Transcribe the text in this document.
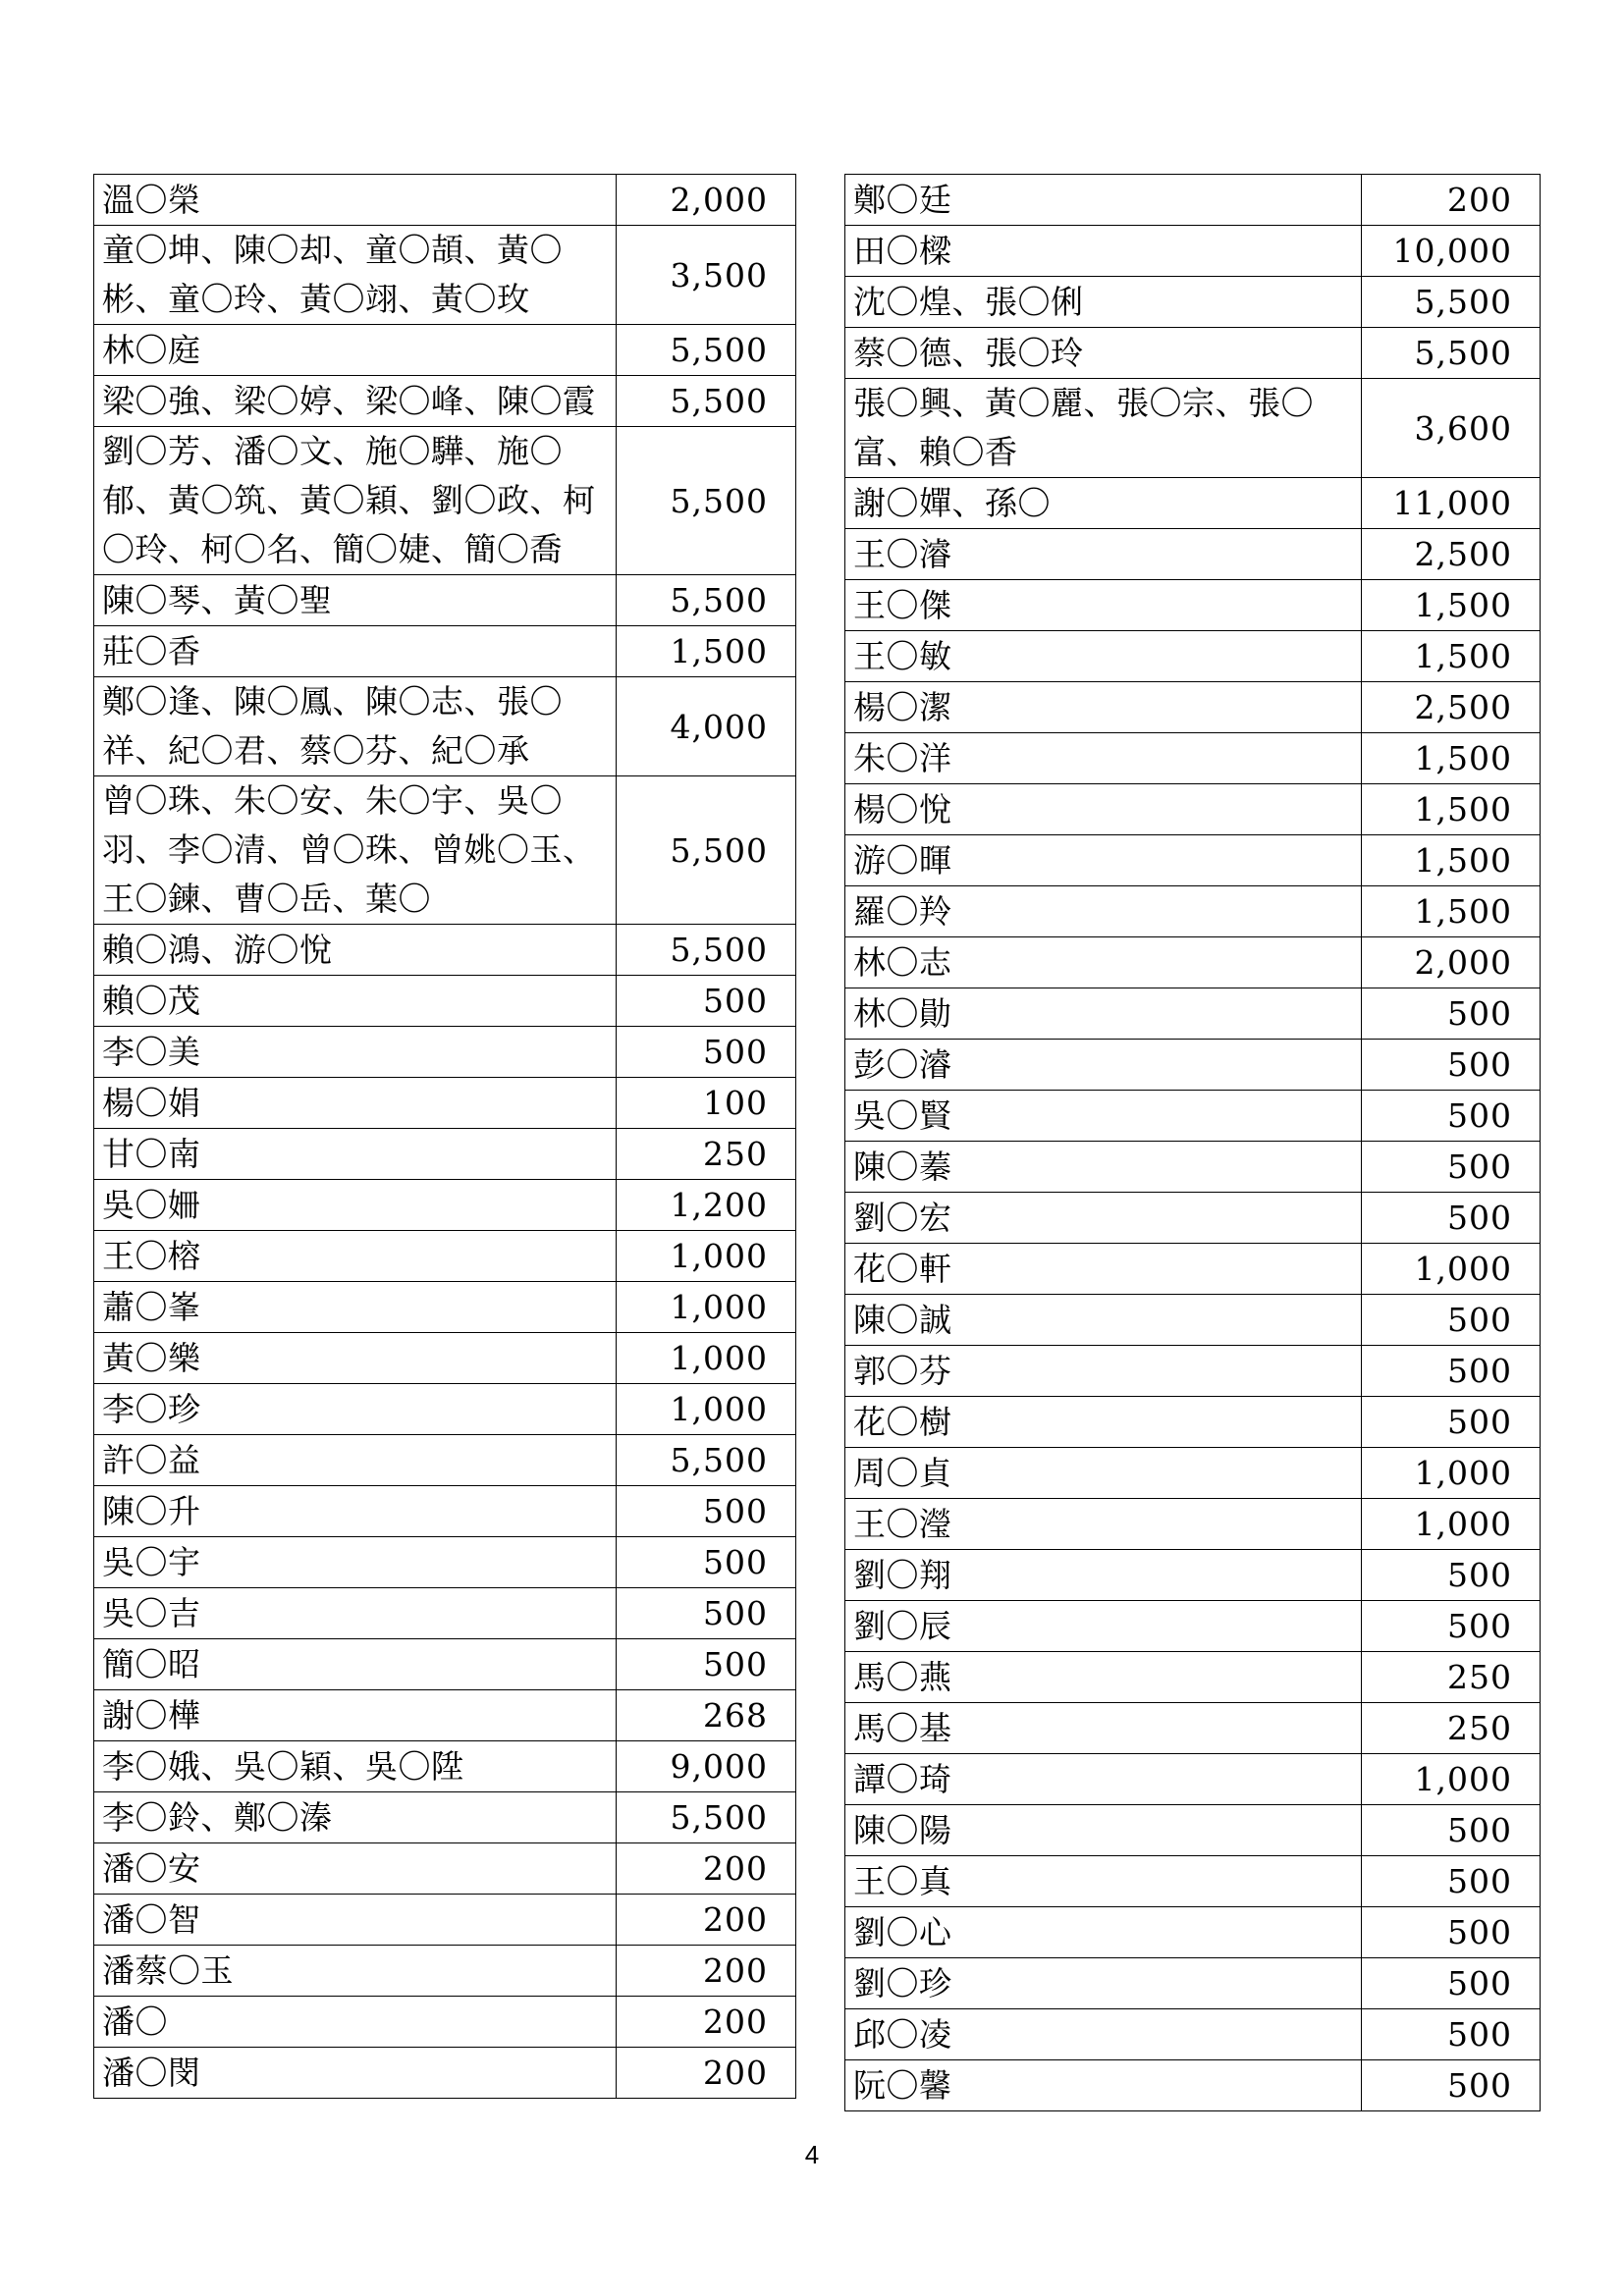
溫〇榮	2,000
童〇坤、陳〇却、童〇頡、黃〇彬、童〇玲、黃〇翊、黃〇玫	3,500
林〇庭	5,500
梁〇強、梁〇婷、梁〇峰、陳〇霞	5,500
劉〇芳、潘〇文、施〇驊、施〇郁、黃〇筑、黃〇穎、劉〇政、柯〇玲、柯〇名、簡〇婕、簡〇喬	5,500
陳〇琴、黃〇聖	5,500
莊〇香	1,500
鄭〇逢、陳〇鳳、陳〇志、張〇祥、紀〇君、蔡〇芬、紀〇承	4,000
曾〇珠、朱〇安、朱〇宇、吳〇羽、李〇清、曾〇珠、曾姚〇玉、王〇鍊、曹〇岳、葉〇	5,500
賴〇鴻、游〇悅	5,500
賴〇茂	500
李〇美	500
楊〇娟	100
甘〇南	250
吳〇姍	1,200
王〇榕	1,000
蕭〇峯	1,000
黃〇樂	1,000
李〇珍	1,000
許〇益	5,500
陳〇升	500
吳〇宇	500
吳〇吉	500
簡〇昭	500
謝〇樺	268
李〇娥、吳〇穎、吳〇陞	9,000
李〇鈴、鄭〇溱	5,500
潘〇安	200
潘〇智	200
潘蔡〇玉	200
潘〇	200
潘〇閔	200
鄭〇廷	200
田〇樑	10,000
沈〇煌、張〇俐	5,500
蔡〇德、張〇玲	5,500
張〇興、黃〇麗、張〇宗、張〇富、賴〇香	3,600
謝〇嬋、孫〇	11,000
王〇濬	2,500
王〇傑	1,500
王〇敏	1,500
楊〇潔	2,500
朱〇洋	1,500
楊〇悅	1,500
游〇暉	1,500
羅〇羚	1,500
林〇志	2,000
林〇勛	500
彭〇濬	500
吳〇賢	500
陳〇蓁	500
劉〇宏	500
花〇軒	1,000
陳〇誠	500
郭〇芬	500
花〇樹	500
周〇貞	1,000
王〇瀅	1,000
劉〇翔	500
劉〇辰	500
馬〇燕	250
馬〇基	250
譚〇琦	1,000
陳〇陽	500
王〇真	500
劉〇心	500
劉〇珍	500
邱〇凌	500
阮〇馨	500
4
